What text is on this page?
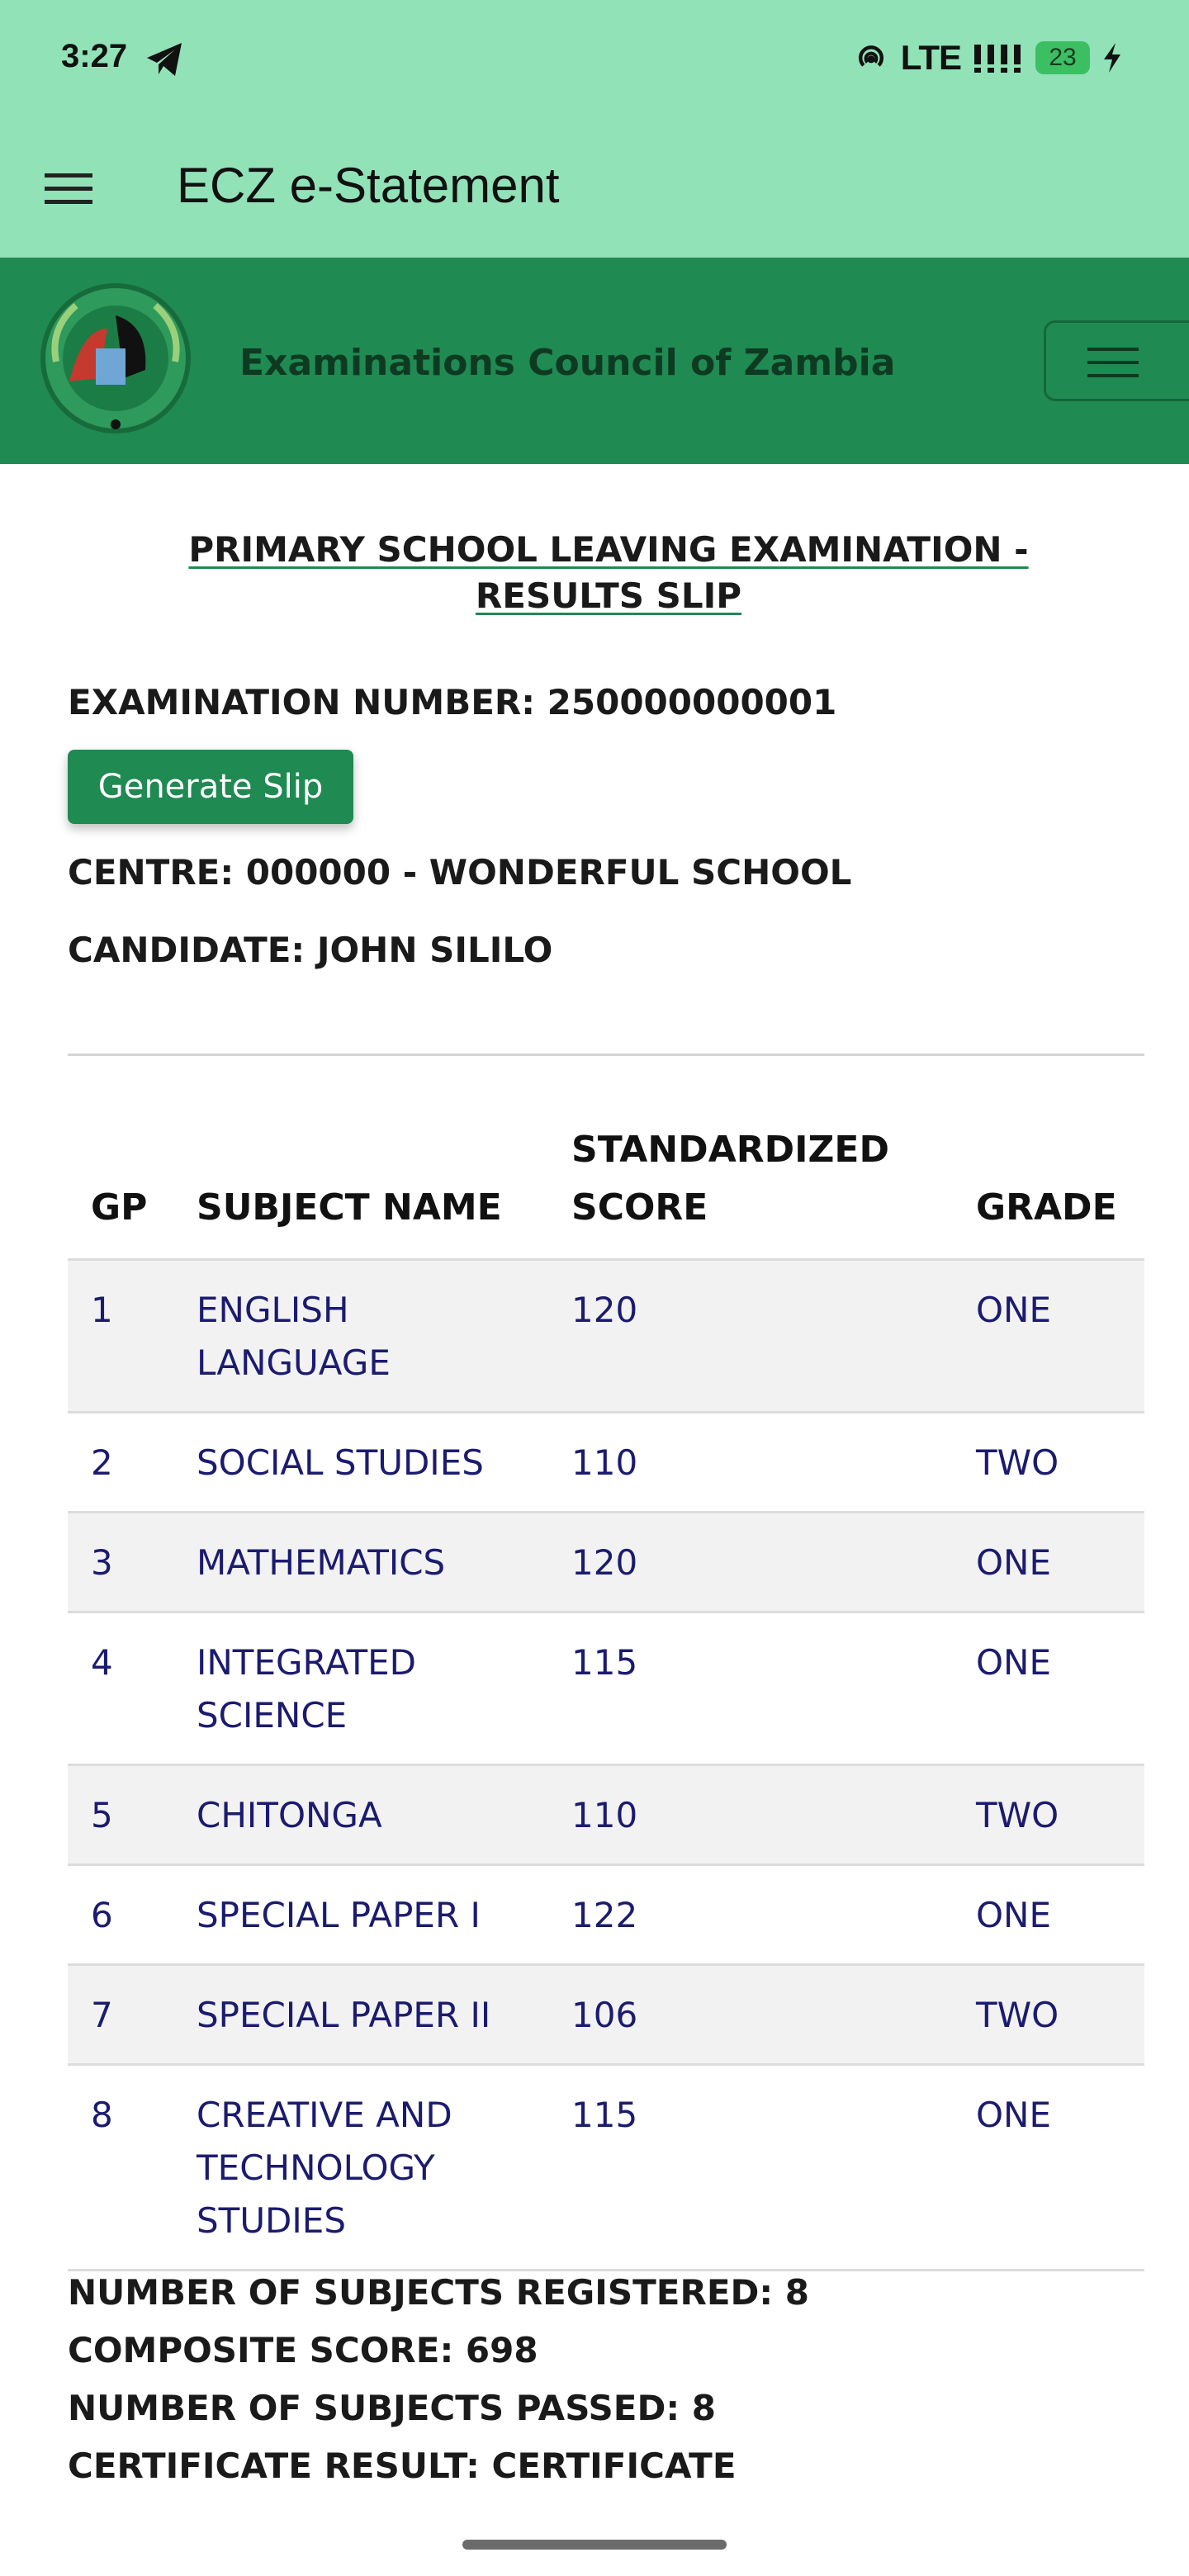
3:27	LTE	23
ECZ e-Statement
Examinations Council of Zambia
PRIMARY SCHOOL LEAVING EXAMINATION - RESULTS SLIP
EXAMINATION NUMBER: 250000000001
Generate Slip
CENTRE: 000000 - WONDERFUL SCHOOL
CANDIDATE: JOHN SILILO
GP	SUBJECT NAME	STANDARDIZED SCORE	GRADE
1	ENGLISH LANGUAGE	120	ONE
2	SOCIAL STUDIES	110	TWO
3	MATHEMATICS	120	ONE
4	INTEGRATED SCIENCE	115	ONE
5	CHITONGA	110	TWO
6	SPECIAL PAPER I	122	ONE
7	SPECIAL PAPER II	106	TWO
8	CREATIVE AND TECHNOLOGY STUDIES	115	ONE
NUMBER OF SUBJECTS REGISTERED: 8
COMPOSITE SCORE: 698
NUMBER OF SUBJECTS PASSED: 8
CERTIFICATE RESULT: CERTIFICATE
